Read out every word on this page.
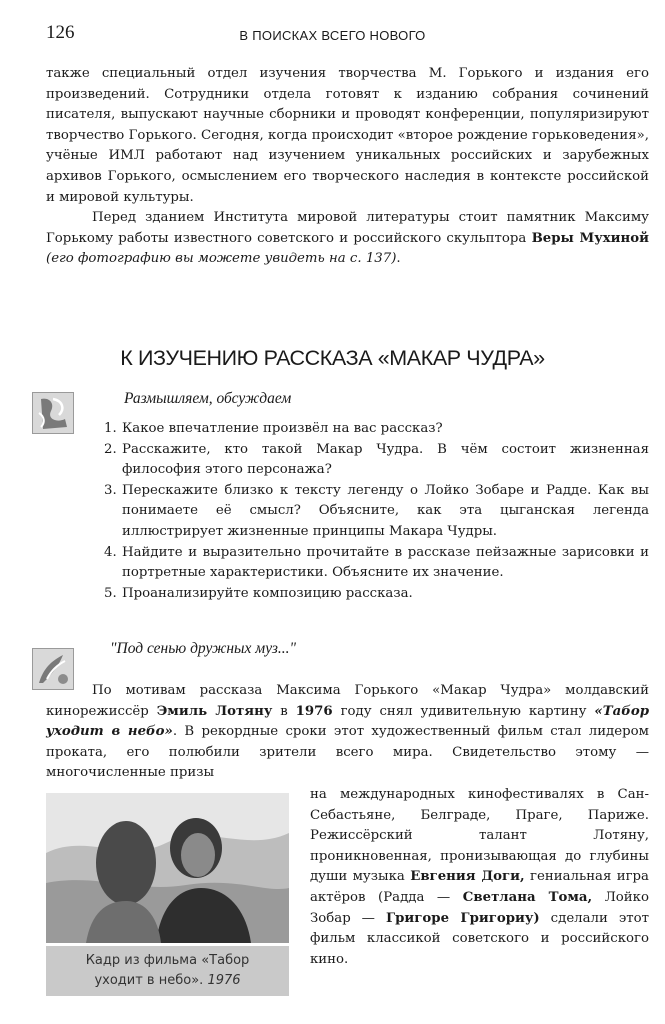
126	В ПОИСКАХ ВСЕГО НОВОГО

также специальный отдел изучения творчества М. Горького и издания его произведений. Сотрудники отдела готовят к изданию собрания сочинений писателя, выпускают научные сборники и проводят конференции, популяризируют творчество Горького. Сегодня, когда происходит «второе рождение горьковедения», учёные ИМЛ работают над изучением уникальных российских и зарубежных архивов Горького, осмыслением его творческого наследия в контексте российской и мировой культуры.

Перед зданием Института мировой литературы стоит памятник Максиму Горькому работы известного советского и российского скульптора Веры Мухиной (его фотографию вы можете увидеть на с. 137).

К ИЗУЧЕНИЮ РАССКАЗА «МАКАР ЧУДРА»
Размышляем, обсуждаем
1. Какое впечатление произвёл на вас рассказ?
2. Расскажите, кто такой Макар Чудра. В чём состоит жизненная философия этого персонажа?
3. Перескажите близко к тексту легенду о Лойко Зобаре и Радде. Как вы понимаете её смысл? Объясните, как эта цыганская легенда иллюстрирует жизненные принципы Макара Чудры.
4. Найдите и выразительно прочитайте в рассказе пейзажные зарисовки и портретные характеристики. Объясните их значение.
5. Проанализируйте композицию рассказа.
"Под сенью дружных муз..."

По мотивам рассказа Максима Горького «Макар Чудра» молдавский кинорежиссёр Эмиль Лотяну в 1976 году снял удивительную картину «Табор уходит в небо». В рекордные сроки этот художественный фильм стал лидером проката, его полюбили зрители всего мира. Свидетельство этому — многочисленные призы

Кадр из фильма «Табор
уходит в небо». 1976

на международных кинофестивалях в Сан-Себастьяне, Белграде, Праге, Париже. Режиссёрский талант Лотяну, проникновенная, пронизывающая до глубины души музыка Евгения Доги, гениальная игра актёров (Радда — Светлана Тома, Лойко Зобар — Григоре Григориу) сделали этот фильм классикой советского и российского кино.
